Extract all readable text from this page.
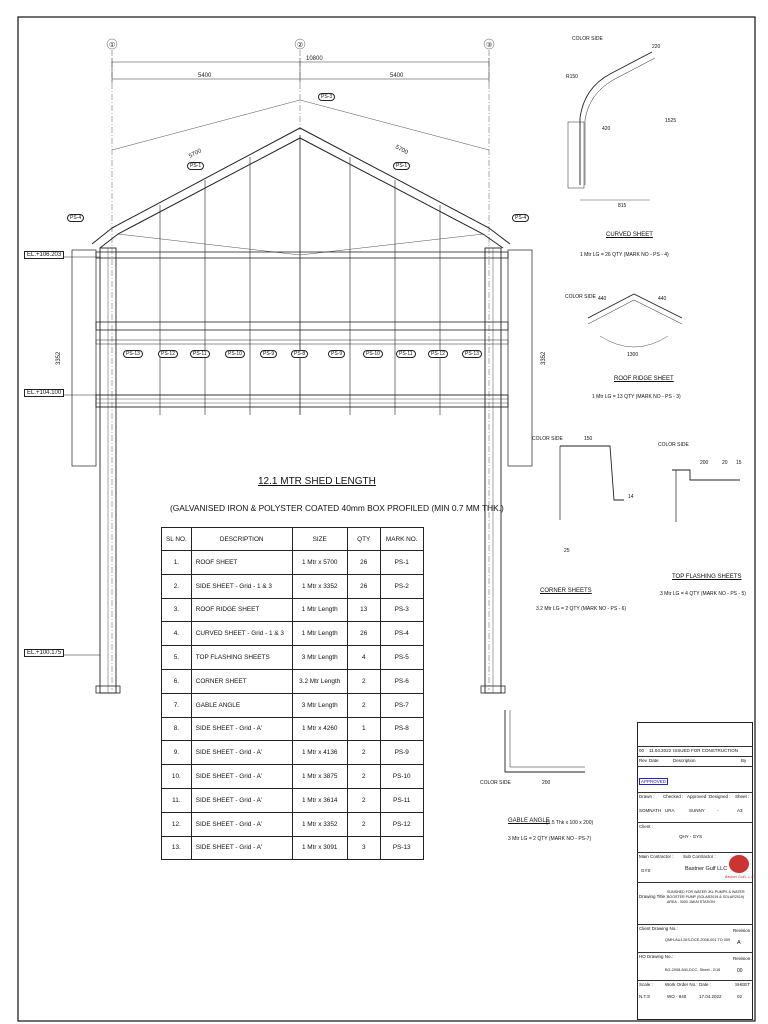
①	②	③
10800
5400	5400
3352	3352
5700	5700
EL.+106.203
EL.+104.100
EL.+100.175
PS-3
PS-1	PS-1
PS-4	PS-4
PS-13	PS-12	PS-11	PS-10	PS-9	PS-8	PS-9	PS-10	PS-11	PS-12	PS-13
12.1 MTR SHED LENGTH
(GALVANISED IRON & POLYSTER COATED 40mm BOX PROFILED (MIN 0.7 MM THK.)
SL NO.	DESCRIPTION	SIZE	QTY	MARK NO.
1.	ROOF SHEET	1 Mtr x 5700	26	PS-1
2.	SIDE SHEET - Grid - 1 & 3	1 Mtr x 3352	26	PS-2
3.	ROOF RIDGE SHEET	1 Mtr Length	13	PS-3
4.	CURVED SHEET - Grid - 1 & 3	1 Mtr Length	26	PS-4
5.	TOP FLASHING SHEETS	3 Mtr Length	4	PS-5
6.	CORNER SHEET	3.2 Mtr Length	2	PS-6
7.	GABLE ANGLE	3 Mtr Length	2	PS-7
8.	SIDE SHEET - Grid - A'	1 Mtr x 4260	1	PS-8
9.	SIDE SHEET - Grid - A'	1 Mtr x 4136	2	PS-9
10.	SIDE SHEET - Grid - A'	1 Mtr x 3875	2	PS-10
11.	SIDE SHEET - Grid - A'	1 Mtr x 3614	2	PS-11
12.	SIDE SHEET - Grid - A'	1 Mtr x 3352	2	PS-12
13.	SIDE SHEET - Grid - A'	1 Mtr x 3091	3	PS-13
COLOR SIDE
220
R150
420
815
1525
CURVED SHEET
1 Mtr LG = 26 QTY (MARK NO - PS - 4)
COLOR SIDE 440	440
1300
ROOF RIDGE SHEET
1 Mtr LG = 13 QTY (MARK NO - PS - 3)
COLOR SIDE	150
25
14
CORNER SHEETS
3.2 Mtr LG = 2 QTY (MARK NO - PS - 6)
COLOR SIDE
200	20 15
TOP FLASHING SHEETS
3 Mtr LG = 4 QTY (MARK NO - PS - 5)
COLOR SIDE	200
GABLE ANGLE
(1.5 Thk x 100 x 200)
3 Mtr LG = 2 QTY (MARK NO - PS-7)
00 11.04.2022 ISSUED FOR CONSTRUCTION
Rev Date	Description	By
APPROVED
Drawn : Checked : Approved : Designed : Sheet :
SOMNATH URA	SUNNY	-	A3
Client :
QHY - GYS
Main Contractor :
GYS
Sub Contractor :
Bastner Gulf LLC
Bastner Gulf L.L.C
Drawing Title :
SUNSHED FOR WATER JKL PUMPS & WATER BOOSTER PUMP (SOLAR2019 & SOLAR2019) AREA - 3000 JAKAI STATION
Client Drawing No.:
QMH-AUJ-DIS-DCE-2008-001 TO 009
Revision :
A
HO Drawing No.:
BG-2008-840-DCC- Sheet - 2/15
Revision :
00
Scale :
N.T.S
Work Order No.:
WO - 840
Date :
17.04.2022
SHEET
02
